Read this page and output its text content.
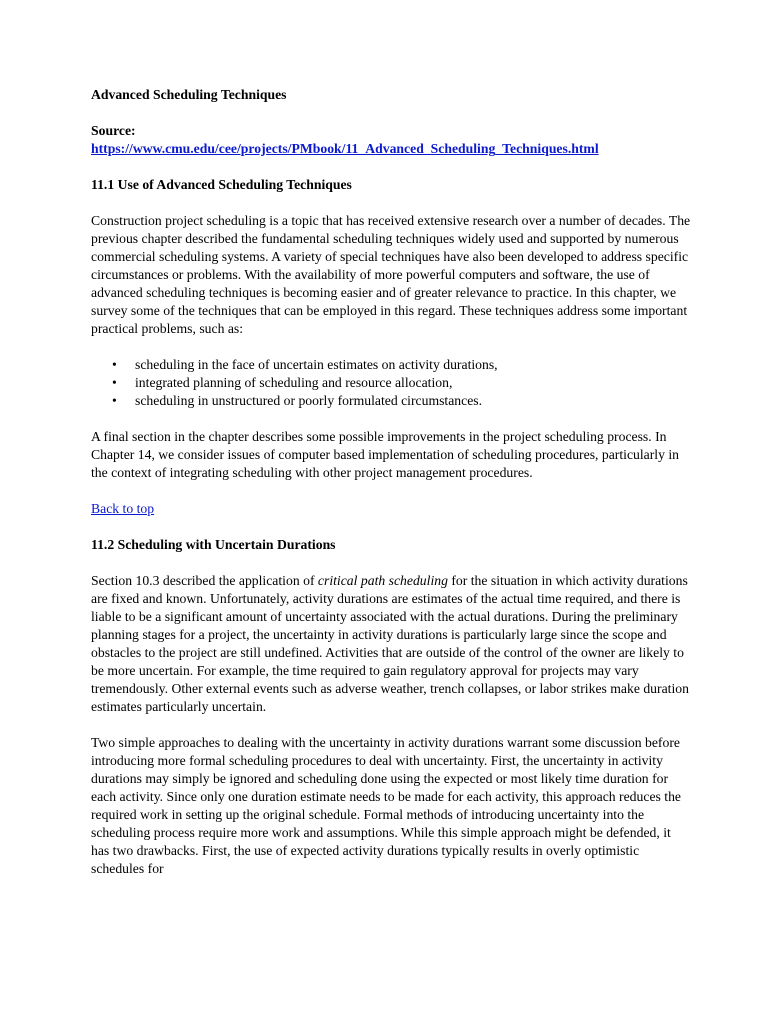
Advanced Scheduling Techniques

Source:
https://www.cmu.edu/cee/projects/PMbook/11_Advanced_Scheduling_Techniques.html

11.1 Use of Advanced Scheduling Techniques

Construction project scheduling is a topic that has received extensive research over a number of decades. The previous chapter described the fundamental scheduling techniques widely used and supported by numerous commercial scheduling systems. A variety of special techniques have also been developed to address specific circumstances or problems. With the availability of more powerful computers and software, the use of advanced scheduling techniques is becoming easier and of greater relevance to practice. In this chapter, we survey some of the techniques that can be employed in this regard. These techniques address some important practical problems, such as:

• scheduling in the face of uncertain estimates on activity durations,
• integrated planning of scheduling and resource allocation,
• scheduling in unstructured or poorly formulated circumstances.

A final section in the chapter describes some possible improvements in the project scheduling process. In Chapter 14, we consider issues of computer based implementation of scheduling procedures, particularly in the context of integrating scheduling with other project management procedures.

Back to top

11.2 Scheduling with Uncertain Durations

Section 10.3 described the application of critical path scheduling for the situation in which activity durations are fixed and known. Unfortunately, activity durations are estimates of the actual time required, and there is liable to be a significant amount of uncertainty associated with the actual durations. During the preliminary planning stages for a project, the uncertainty in activity durations is particularly large since the scope and obstacles to the project are still undefined. Activities that are outside of the control of the owner are likely to be more uncertain. For example, the time required to gain regulatory approval for projects may vary tremendously. Other external events such as adverse weather, trench collapses, or labor strikes make duration estimates particularly uncertain.

Two simple approaches to dealing with the uncertainty in activity durations warrant some discussion before introducing more formal scheduling procedures to deal with uncertainty. First, the uncertainty in activity durations may simply be ignored and scheduling done using the expected or most likely time duration for each activity. Since only one duration estimate needs to be made for each activity, this approach reduces the required work in setting up the original schedule. Formal methods of introducing uncertainty into the scheduling process require more work and assumptions. While this simple approach might be defended, it has two drawbacks. First, the use of expected activity durations typically results in overly optimistic schedules for
